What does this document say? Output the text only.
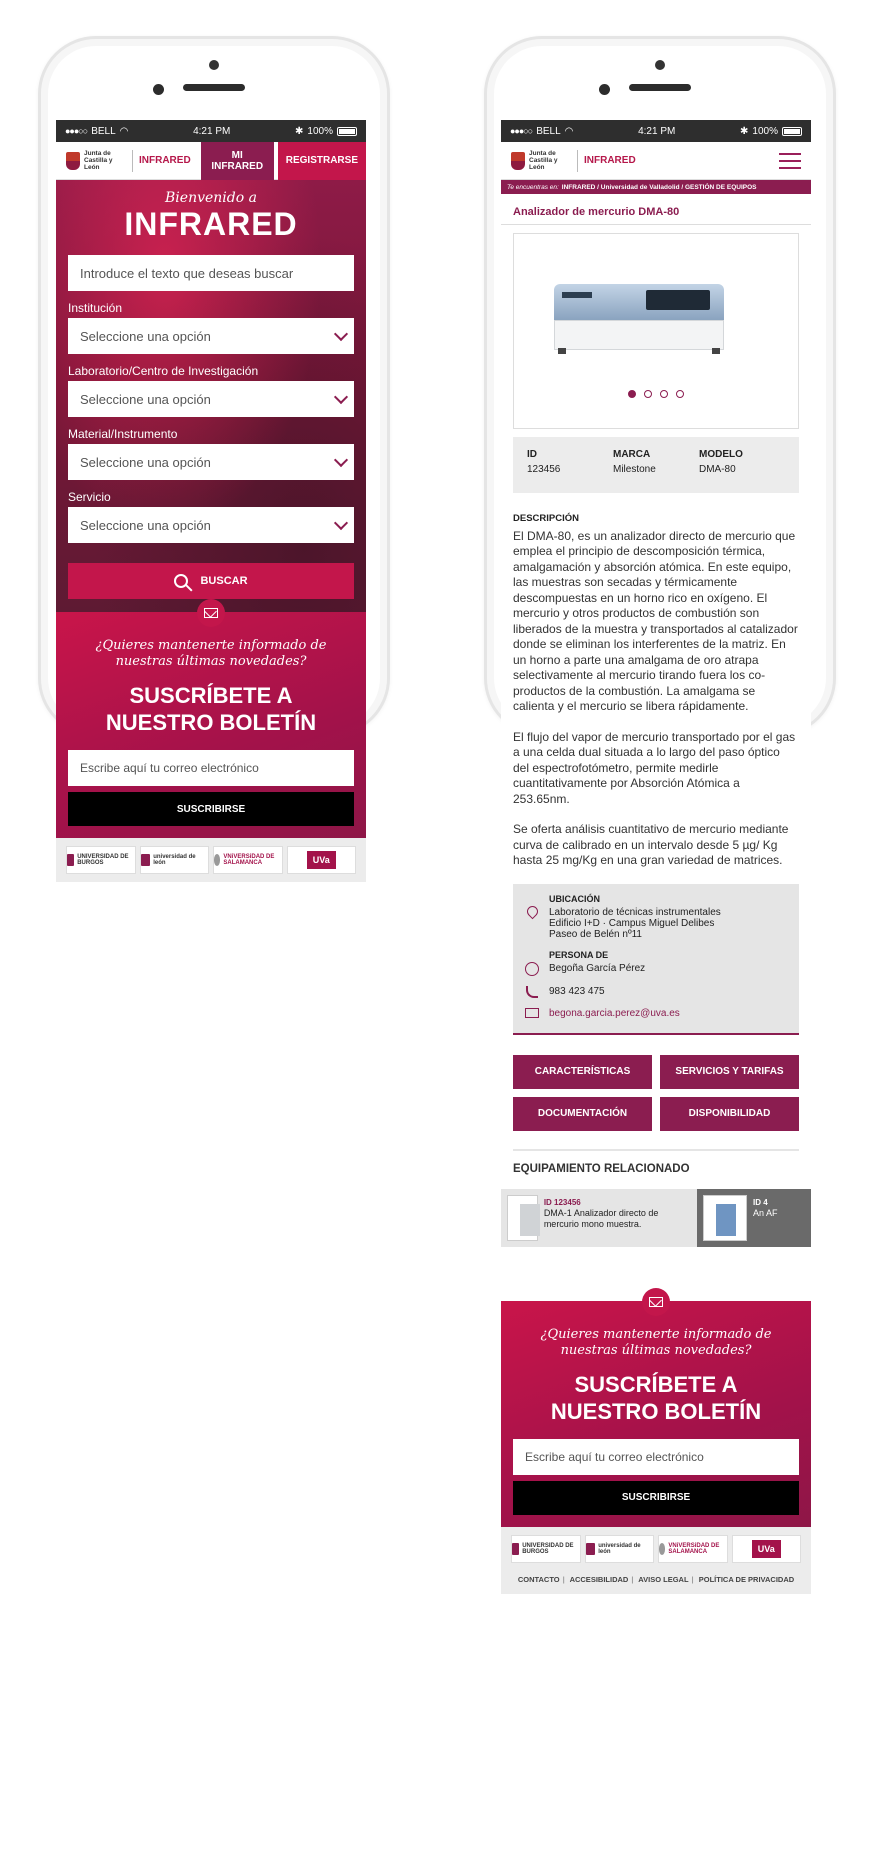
●●●○○ BELL ◠	4:21 PM	✱ 100%
Junta de
Castilla y León
INFRARED	MI INFRARED	REGISTRARSE
Bienvenido a
INFRARED
Introduce el texto que deseas buscar
Institución
Seleccione una opción
Laboratorio/Centro de Investigación
Seleccione una opción
Material/Instrumento
Seleccione una opción
Servicio
Seleccione una opción
BUSCAR
¿Quieres mantenerte informado de nuestras últimas novedades?
SUSCRÍBETE A
NUESTRO BOLETÍN
Escribe aquí tu correo electrónico
SUSCRIBIRSE
UNIVERSIDAD DE BURGOS
universidad de león
VNiVERSiDAD DE SALAMANCA	UVa
●●●○○ BELL ◠	4:21 PM	✱ 100%
Junta de
Castilla y León
INFRARED
Te encuentras en: INFRARED / Universidad de Valladolid / GESTIÓN DE EQUIPOS
Analizador de mercurio DMA-80
ID
123456
MARCA
Milestone
MODELO
DMA-80
DESCRIPCIÓN

El DMA-80, es un analizador directo de mercurio que emplea el principio de descomposición térmica, amalgamación y absorción atómica. En este equipo, las muestras son secadas y térmicamente descompuestas en un horno rico en oxígeno. El mercurio y otros productos de combustión son liberados de la muestra y transportados al catalizador donde se eliminan los interferentes de la matriz. En un horno a parte una amalgama de oro atrapa selectivamente al mercurio tirando fuera los co-productos de la combustión. La amalgama se calienta y el mercurio se libera rápidamente.

El flujo del vapor de mercurio transportado por el gas a una celda dual situada a lo largo del paso óptico del espectrofotómetro, permite medirle cuantitativamente por Absorción Atómica a 253.65nm.

Se oferta análisis cuantitativo de mercurio mediante curva de calibrado en un intervalo desde 5 µg/ Kg hasta 25 mg/Kg en una gran variedad de matrices.

UBICACIÓN
Laboratorio de técnicas instrumentales
Edificio I+D · Campus Miguel Delibes
Paseo de Belén nº11
PERSONA DE
Begoña García Pérez
983 423 475
begona.garcia.perez@uva.es
CARACTERÍSTICAS	SERVICIOS Y TARIFAS
DOCUMENTACIÓN	DISPONIBILIDAD
EQUIPAMIENTO RELACIONADO
ID 123456
DMA-1 Analizador directo de mercurio mono muestra.
ID 4
An AF
¿Quieres mantenerte informado de nuestras últimas novedades?
SUSCRÍBETE A
NUESTRO BOLETÍN
Escribe aquí tu correo electrónico
SUSCRIBIRSE
UNIVERSIDAD DE BURGOS
universidad de león
VNiVERSiDAD DE SALAMANCA	UVa
CONTACTO | ACCESIBILIDAD | AVISO LEGAL | POLÍTICA DE PRIVACIDAD
